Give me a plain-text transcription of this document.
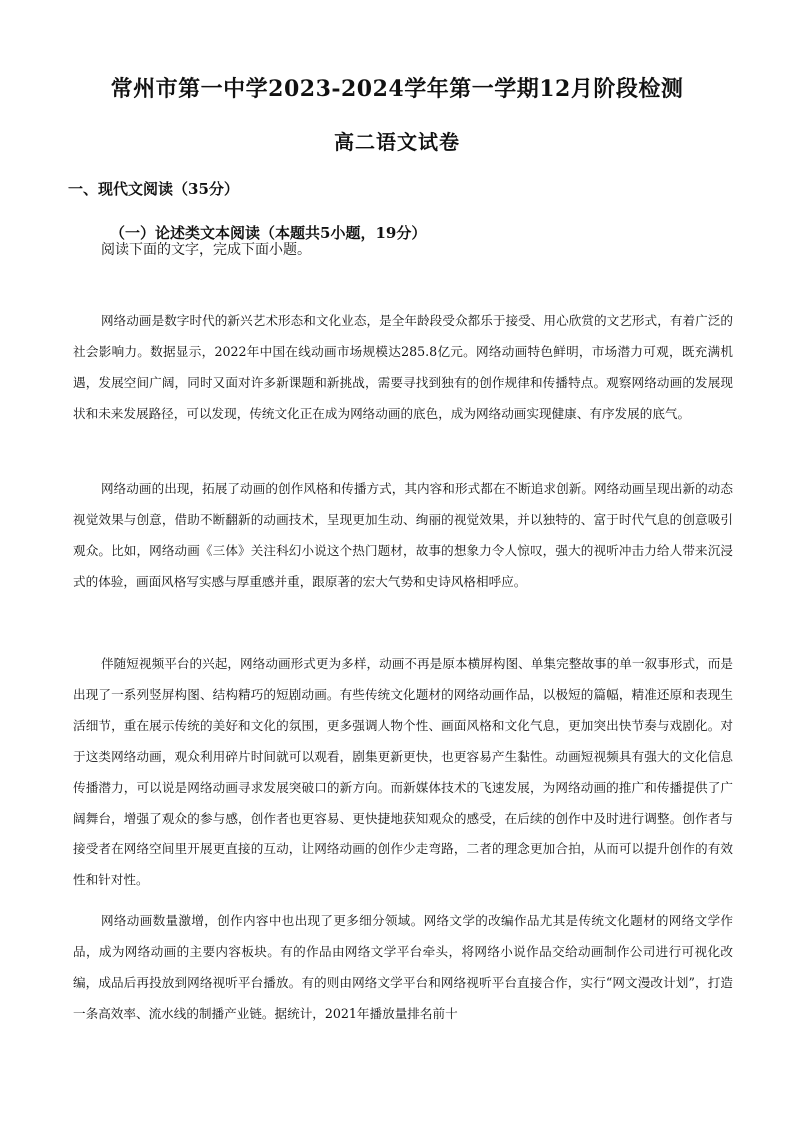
常州市第一中学2023-2024学年第一学期12月阶段检测
高二语文试卷
一、现代文阅读（35分）
（一）论述类文本阅读（本题共5小题，19分）
阅读下面的文字，完成下面小题。

网络动画是数字时代的新兴艺术形态和文化业态，是全年龄段受众都乐于接受、用心欣赏的文艺形式，有着广泛的社会影响力。数据显示，2022年中国在线动画市场规模达285.8亿元。网络动画特色鲜明，市场潜力可观，既充满机遇，发展空间广阔，同时又面对许多新课题和新挑战，需要寻找到独有的创作规律和传播特点。观察网络动画的发展现状和未来发展路径，可以发现，传统文化正在成为网络动画的底色，成为网络动画实现健康、有序发展的底气。

网络动画的出现，拓展了动画的创作风格和传播方式，其内容和形式都在不断追求创新。网络动画呈现出新的动态视觉效果与创意，借助不断翻新的动画技术，呈现更加生动、绚丽的视觉效果，并以独特的、富于时代气息的创意吸引观众。比如，网络动画《三体》关注科幻小说这个热门题材，故事的想象力令人惊叹，强大的视听冲击力给人带来沉浸式的体验，画面风格写实感与厚重感并重，跟原著的宏大气势和史诗风格相呼应。

伴随短视频平台的兴起，网络动画形式更为多样，动画不再是原本横屏构图、单集完整故事的单一叙事形式，而是出现了一系列竖屏构图、结构精巧的短剧动画。有些传统文化题材的网络动画作品，以极短的篇幅，精准还原和表现生活细节，重在展示传统的美好和文化的氛围，更多强调人物个性、画面风格和文化气息，更加突出快节奏与戏剧化。对于这类网络动画，观众利用碎片时间就可以观看，剧集更新更快，也更容易产生黏性。动画短视频具有强大的文化信息传播潜力，可以说是网络动画寻求发展突破口的新方向。而新媒体技术的飞速发展，为网络动画的推广和传播提供了广阔舞台，增强了观众的参与感，创作者也更容易、更快捷地获知观众的感受，在后续的创作中及时进行调整。创作者与接受者在网络空间里开展更直接的互动，让网络动画的创作少走弯路，二者的理念更加合拍，从而可以提升创作的有效性和针对性。

网络动画数量激增，创作内容中也出现了更多细分领域。网络文学的改编作品尤其是传统文化题材的网络文学作品，成为网络动画的主要内容板块。有的作品由网络文学平台牵头，将网络小说作品交给动画制作公司进行可视化改编，成品后再投放到网络视听平台播放。有的则由网络文学平台和网络视听平台直接合作，实行“网文漫改计划”，打造一条高效率、流水线的制播产业链。据统计，2021年播放量排名前十
